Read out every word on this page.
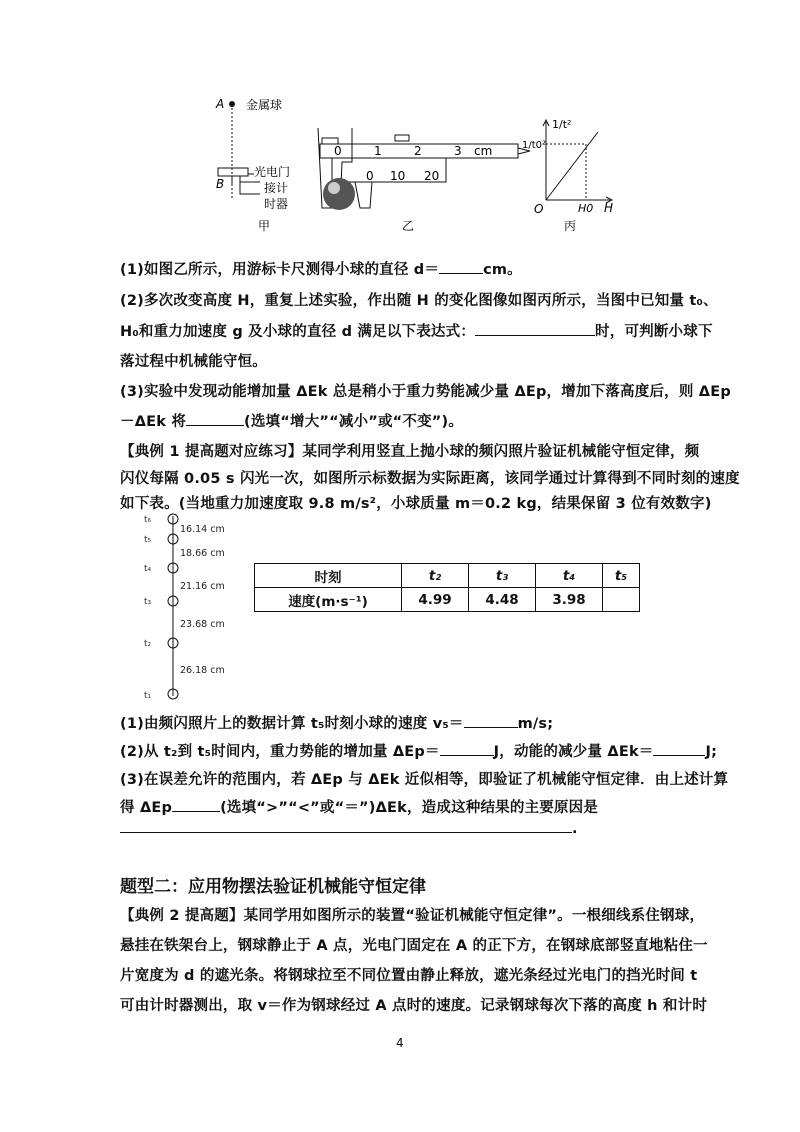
A 金属球
B
光电门
接计
时器
甲
0	1	2	3 cm
0 10 20
乙
1/t²
1/t0²
O	H0 H
丙
(1)如图乙所示，用游标卡尺测得小球的直径 d＝	cm。
(2)多次改变高度 H，重复上述实验，作出随 H 的变化图像如图丙所示，当图中已知量 t₀、
H₀和重力加速度 g 及小球的直径 d 满足以下表达式：	时，可判断小球下
落过程中机械能守恒。
(3)实验中发现动能增加量 ΔEk 总是稍小于重力势能减少量 ΔEp，增加下落高度后，则 ΔEp
－ΔEk 将	(选填“增大”“减小”或“不变”)。
【典例 1 提高题对应练习】某同学利用竖直上抛小球的频闪照片验证机械能守恒定律，频
闪仪每隔 0.05 s 闪光一次，如图所示标数据为实际距离，该同学通过计算得到不同时刻的速度
如下表。(当地重力加速度取 9.8 m/s²，小球质量 m＝0.2 kg，结果保留 3 位有效数字)
t₆
t₅
t₄
t₃
t₂
t₁
16.14 cm
18.66 cm
21.16 cm
23.68 cm
26.18 cm
时刻	t₂	t₃	t₄	t₅
速度(m·s⁻¹)	4.99	4.48	3.98	
(1)由频闪照片上的数据计算 t₅时刻小球的速度 v₅＝	m/s;
(2)从 t₂到 t₅时间内，重力势能的增加量 ΔEp＝	J，动能的减少量 ΔEk＝	J;
(3)在误差允许的范围内，若 ΔEp 与 ΔEk 近似相等，即验证了机械能守恒定律．由上述计算
得 ΔEp	(选填“>”“<”或“＝”)ΔEk，造成这种结果的主要原因是
.
题型二：应用物摆法验证机械能守恒定律
【典例 2 提高题】某同学用如图所示的装置“验证机械能守恒定律”。一根细线系住钢球，
悬挂在铁架台上，钢球静止于 A 点，光电门固定在 A 的正下方，在钢球底部竖直地粘住一
片宽度为 d 的遮光条。将钢球拉至不同位置由静止释放，遮光条经过光电门的挡光时间 t
可由计时器测出，取 v＝作为钢球经过 A 点时的速度。记录钢球每次下落的高度 h 和计时
4
